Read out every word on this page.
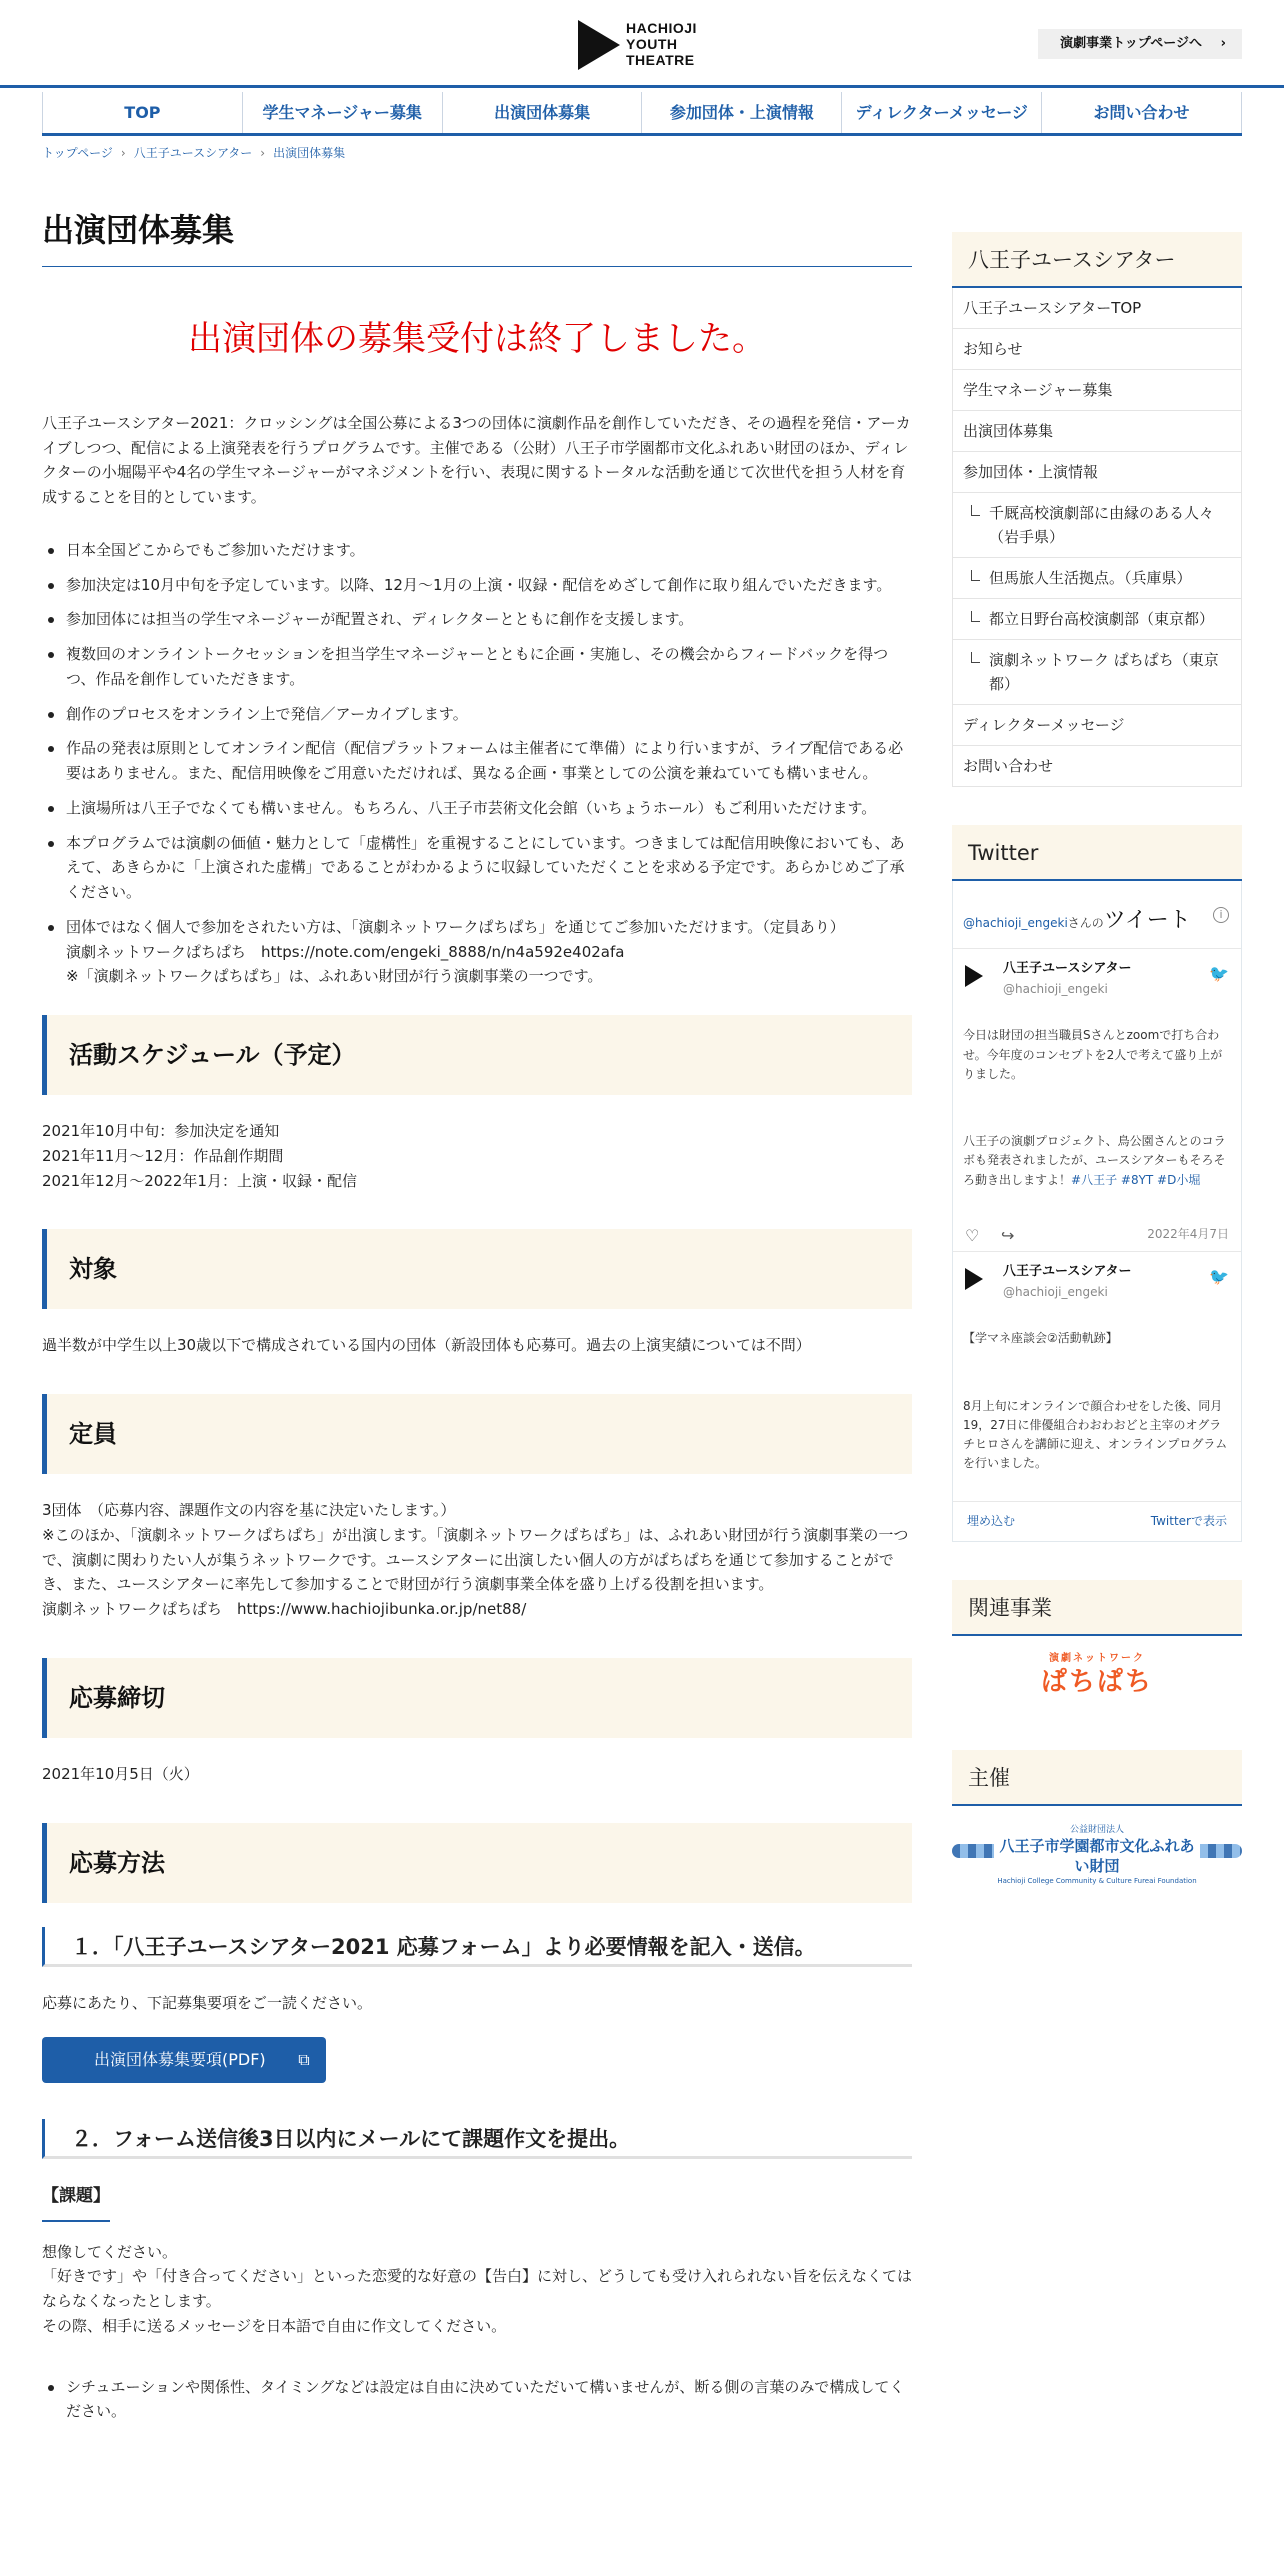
HACHIOJI
YOUTH
THEATRE
演劇事業トップページへ ›
TOP	学生マネージャー募集	出演団体募集	参加団体・上演情報	ディレクターメッセージ	お問い合わせ
トップページ › 八王子ユースシアター › 出演団体募集
出演団体募集
出演団体の募集受付は終了しました。

八王子ユースシアター2021：クロッシングは全国公募による3つの団体に演劇作品を創作していただき、その過程を発信・アーカイブしつつ、配信による上演発表を行うプログラムです。主催である（公財）八王子市学園都市文化ふれあい財団のほか、ディレクターの小堀陽平や4名の学生マネージャーがマネジメントを行い、表現に関するトータルな活動を通じて次世代を担う人材を育成することを目的としています。

日本全国どこからでもご参加いただけます。
参加決定は10月中旬を予定しています。以降、12月〜1月の上演・収録・配信をめざして創作に取り組んでいただきます。
参加団体には担当の学生マネージャーが配置され、ディレクターとともに創作を支援します。
複数回のオンライントークセッションを担当学生マネージャーとともに企画・実施し、その機会からフィードバックを得つつ、作品を創作していただきます。
創作のプロセスをオンライン上で発信／アーカイブします。
作品の発表は原則としてオンライン配信（配信プラットフォームは主催者にて準備）により行いますが、ライブ配信である必要はありません。また、配信用映像をご用意いただければ、異なる企画・事業としての公演を兼ねていても構いません。
上演場所は八王子でなくても構いません。もちろん、八王子市芸術文化会館（いちょうホール）もご利用いただけます。
本プログラムでは演劇の価値・魅力として「虚構性」を重視することにしています。つきましては配信用映像においても、あえて、あきらかに「上演された虚構」であることがわかるように収録していただくことを求める予定です。あらかじめご了承ください。
団体ではなく個人で参加をされたい方は、「演劇ネットワークぱちぱち」を通じてご参加いただけます。（定員あり）
演劇ネットワークぱちぱち　https://note.com/engeki_8888/n/n4a592e402afa
※「演劇ネットワークぱちぱち」は、ふれあい財団が行う演劇事業の一つです。
活動スケジュール（予定）
2021年10月中旬：参加決定を通知
2021年11月〜12月：作品創作期間
2021年12月〜2022年1月：上演・収録・配信
対象
過半数が中学生以上30歳以下で構成されている国内の団体（新設団体も応募可。過去の上演実績については不問）
定員
3団体　（応募内容、課題作文の内容を基に決定いたします。）
※このほか、「演劇ネットワークぱちぱち」が出演します。「演劇ネットワークぱちぱち」は、ふれあい財団が行う演劇事業の一つで、演劇に関わりたい人が集うネットワークです。ユースシアターに出演したい個人の方がぱちぱちを通じて参加することができ、また、ユースシアターに率先して参加することで財団が行う演劇事業全体を盛り上げる役割を担います。
演劇ネットワークぱちぱち　https://www.hachiojibunka.or.jp/net88/
応募締切
2021年10月5日（火）
応募方法
１．「八王子ユースシアター2021 応募フォーム」より必要情報を記入・送信。
応募にあたり、下記募集要項をご一読ください。
出演団体募集要項(PDF) ⧉
２．フォーム送信後3日以内にメールにて課題作文を提出。
【課題】
想像してください。
「好きです」や「付き合ってください」といった恋愛的な好意の【告白】に対し、どうしても受け入れられない旨を伝えなくてはならなくなったとします。
その際、相手に送るメッセージを日本語で自由に作文してください。
シチュエーションや関係性、タイミングなどは設定は自由に決めていただいて構いませんが、断る側の言葉のみで構成してください。
八王子ユースシアター
八王子ユースシアターTOP
お知らせ
学生マネージャー募集
出演団体募集
参加団体・上演情報
千厩高校演劇部に由縁のある人々（岩手県）
但馬旅人生活拠点。（兵庫県）
都立日野台高校演劇部（東京都）
演劇ネットワーク ぱちぱち（東京都）
ディレクターメッセージ
お問い合わせ
Twitter
@hachioji_engekiさんのツイート	i
八王子ユースシアター
@hachioji_engeki
🐦

今日は財団の担当職員Sさんとzoomで打ち合わせ。今年度のコンセプトを2人で考えて盛り上がりました。

八王子の演劇プロジェクト、鳥公園さんとのコラボも発表されましたが、ユースシアターもそろそろ動き出しますよ！#八王子 #8YT #D小堀

♡ ↪	2022年4月7日
八王子ユースシアター
@hachioji_engeki
🐦

【学マネ座談会②活動軌跡】

8月上旬にオンラインで顔合わせをした後、同月19，27日に俳優組合わおわおどと主宰のオグラチヒロさんを講師に迎え、オンラインプログラムを行いました。

埋め込む	Twitterで表示
関連事業
演劇ネットワーク
ぱちぱち
主催
公益財団法人
八王子市学園都市文化ふれあい財団
Hachioji College Community & Culture Fureai Foundation
